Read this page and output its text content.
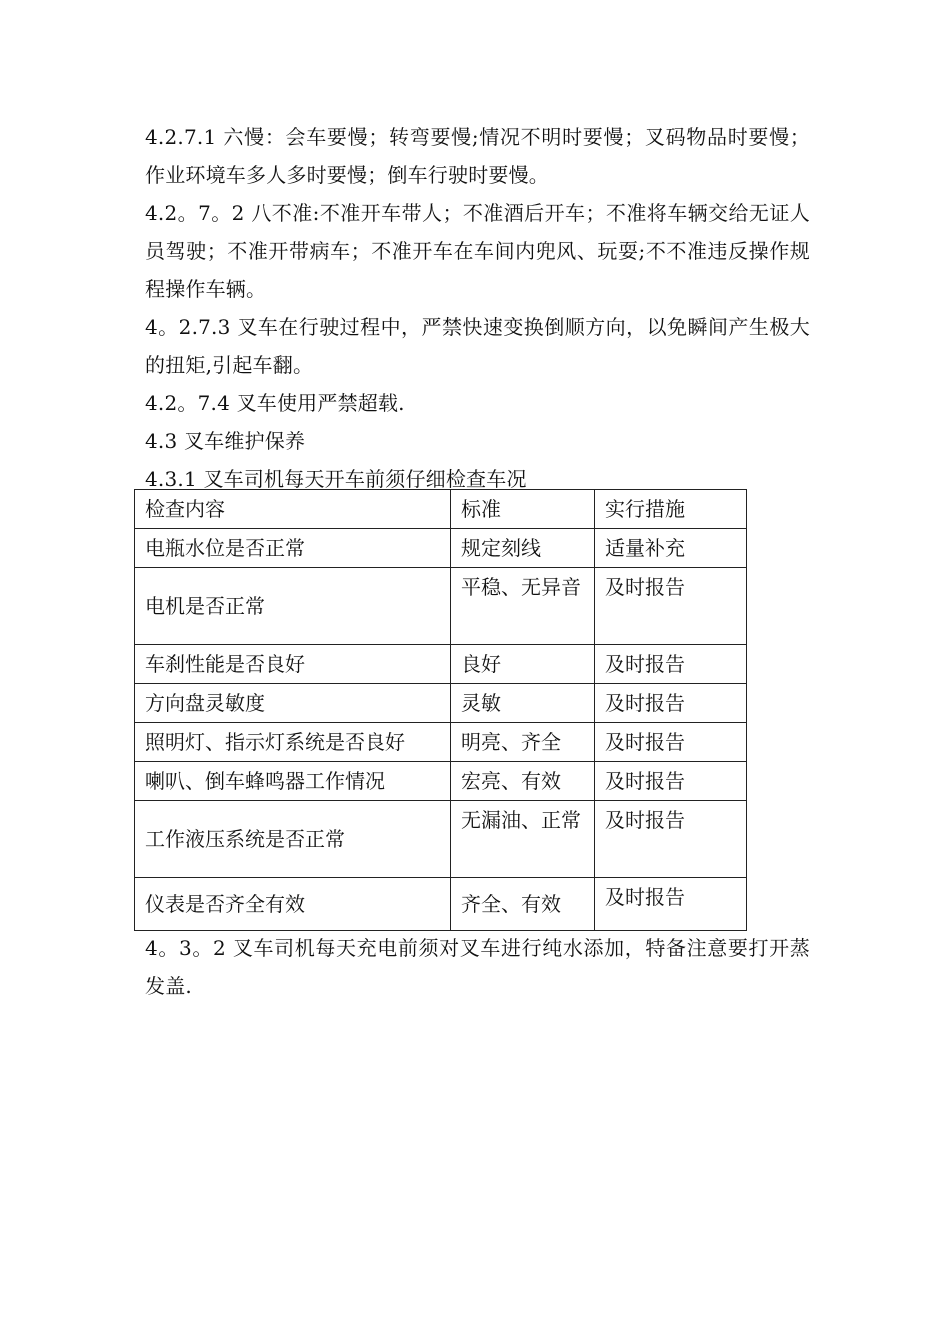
4.2.7.1 六慢：会车要慢；转弯要慢;情况不明时要慢；叉码物品时要慢；作业环境车多人多时要慢；倒车行驶时要慢。

4.2。7。2 八不准:不准开车带人；不准酒后开车；不准将车辆交给无证人员驾驶；不准开带病车；不准开车在车间内兜风、玩耍;不不准违反操作规程操作车辆。

4。2.7.3 叉车在行驶过程中，严禁快速变换倒顺方向，以免瞬间产生极大的扭矩,引起车翻。

4.2。7.4 叉车使用严禁超载.

4.3 叉车维护保养

4.3.1 叉车司机每天开车前须仔细检查车况

检查内容	标准	实行措施
电瓶水位是否正常	规定刻线	适量补充
电机是否正常	平稳、无异音	及时报告
车刹性能是否良好	良好	及时报告
方向盘灵敏度	灵敏	及时报告
照明灯、指示灯系统是否良好	明亮、齐全	及时报告
喇叭、倒车蜂鸣器工作情况	宏亮、有效	及时报告
工作液压系统是否正常	无漏油、正常	及时报告
仪表是否齐全有效	齐全、有效	及时报告

4。3。2 叉车司机每天充电前须对叉车进行纯水添加，特备注意要打开蒸发盖.
